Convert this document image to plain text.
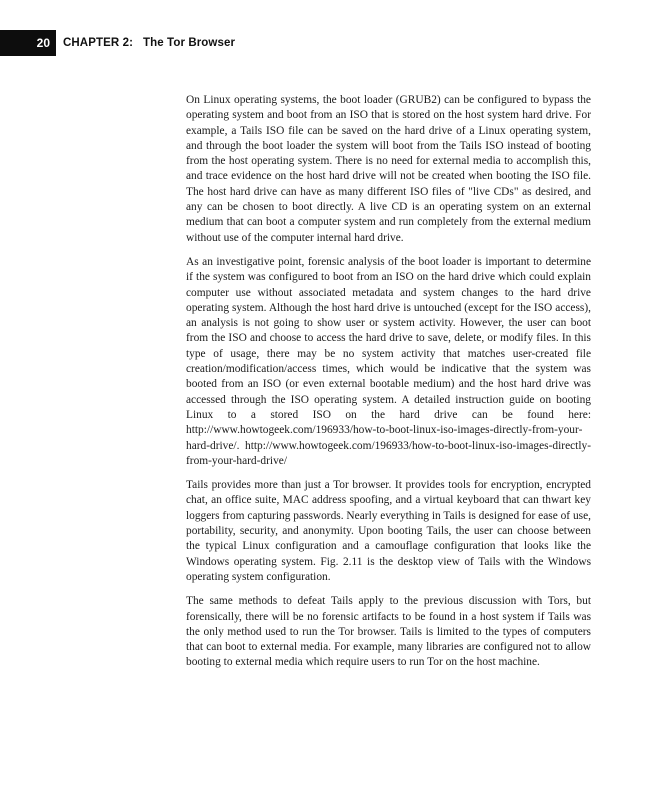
20 CHAPTER 2: The Tor Browser

On Linux operating systems, the boot loader (GRUB2) can be configured to bypass the operating system and boot from an ISO that is stored on the host system hard drive. For example, a Tails ISO file can be saved on the hard drive of a Linux operating system, and through the boot loader the system will boot from the Tails ISO instead of booting from the host operating system. There is no need for external media to accomplish this, and trace evidence on the host hard drive will not be created when booting the ISO file. The host hard drive can have as many different ISO files of "live CDs" as desired, and any can be chosen to boot directly. A live CD is an operating system on an external medium that can boot a computer system and run completely from the external medium without use of the computer internal hard drive.

As an investigative point, forensic analysis of the boot loader is important to determine if the system was configured to boot from an ISO on the hard drive which could explain computer use without associated metadata and system changes to the hard drive operating system. Although the host hard drive is untouched (except for the ISO access), an analysis is not going to show user or system activity. However, the user can boot from the ISO and choose to access the hard drive to save, delete, or modify files. In this type of usage, there may be no system activity that matches user-created file creation/modification/access times, which would be indicative that the system was booted from an ISO (or even external bootable medium) and the host hard drive was accessed through the ISO operating system. A detailed instruction guide on booting Linux to a stored ISO on the hard drive can be found here: http://www.howtogeek.com/196933/how-to-boot-linux-iso-images-directly-from-your-hard-drive/. http://www.howtogeek.com/196933/how-to-boot-linux-iso-images-directly-from-your-hard-drive/

Tails provides more than just a Tor browser. It provides tools for encryption, encrypted chat, an office suite, MAC address spoofing, and a virtual keyboard that can thwart key loggers from capturing passwords. Nearly everything in Tails is designed for ease of use, portability, security, and anonymity. Upon booting Tails, the user can choose between the typical Linux configuration and a camouflage configuration that looks like the Windows operating system. Fig. 2.11 is the desktop view of Tails with the Windows operating system configuration.

The same methods to defeat Tails apply to the previous discussion with Tors, but forensically, there will be no forensic artifacts to be found in a host system if Tails was the only method used to run the Tor browser. Tails is limited to the types of computers that can boot to external media. For example, many libraries are configured not to allow booting to external media which require users to run Tor on the host machine.
